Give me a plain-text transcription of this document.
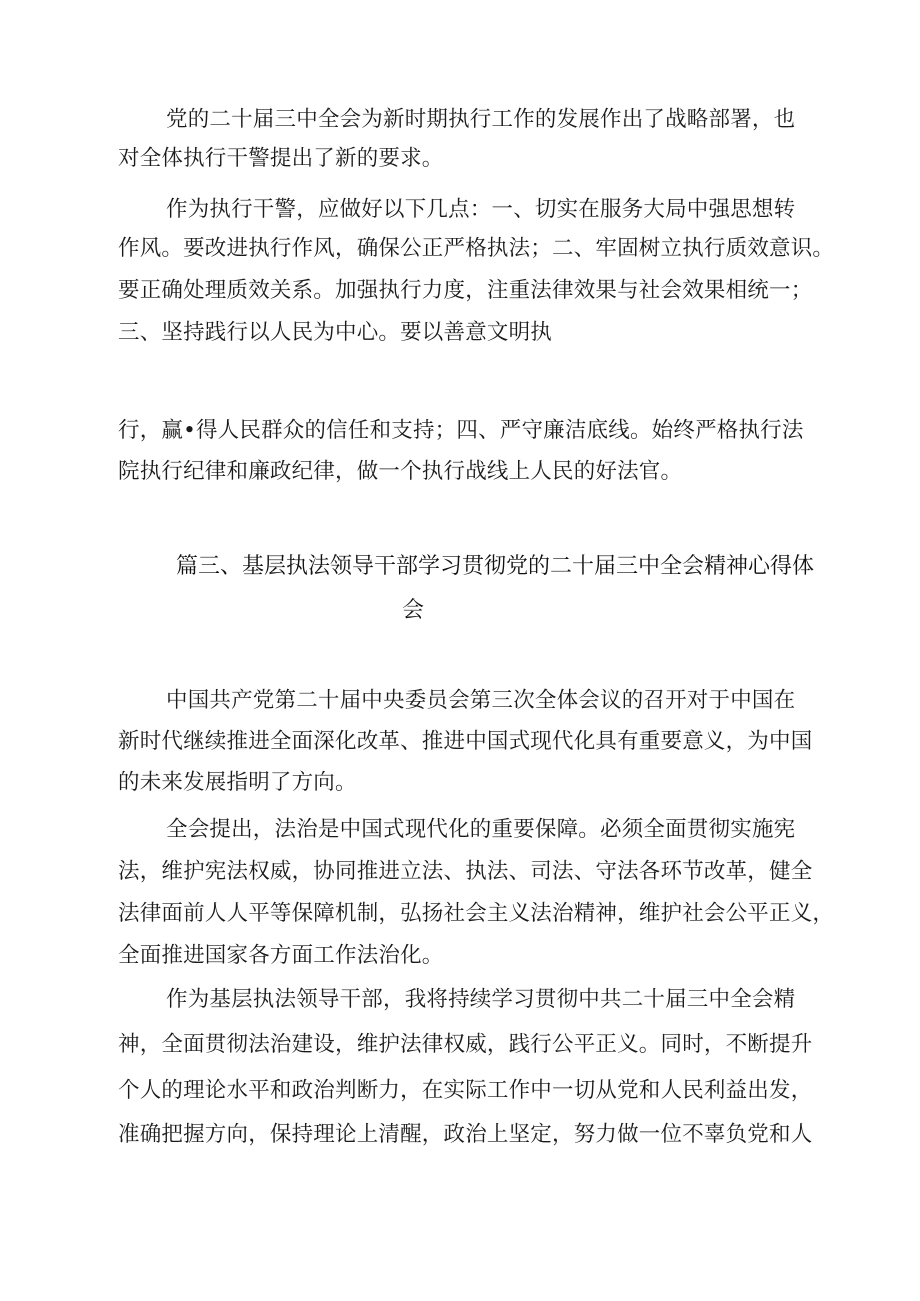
党的二十届三中全会为新时期执行工作的发展作出了战略部署，也
对全体执行干警提出了新的要求。
作为执行干警，应做好以下几点：一、切实在服务大局中强思想转
作风。要改进执行作风，确保公正严格执法；二、牢固树立执行质效意识。
要正确处理质效关系。加强执行力度，注重法律效果与社会效果相统一；
三、坚持践行以人民为中心。要以善意文明执
行，赢•得人民群众的信任和支持；四、严守廉洁底线。始终严格执行法
院执行纪律和廉政纪律，做一个执行战线上人民的好法官。
篇三、基层执法领导干部学习贯彻党的二十届三中全会精神心得体
会
中国共产党第二十届中央委员会第三次全体会议的召开对于中国在
新时代继续推进全面深化改革、推进中国式现代化具有重要意义，为中国
的未来发展指明了方向。
全会提出，法治是中国式现代化的重要保障。必须全面贯彻实施宪
法，维护宪法权威，协同推进立法、执法、司法、守法各环节改革，健全
法律面前人人平等保障机制，弘扬社会主义法治精神，维护社会公平正义，
全面推进国家各方面工作法治化。
作为基层执法领导干部，我将持续学习贯彻中共二十届三中全会精
神，全面贯彻法治建设，维护法律权威，践行公平正义。同时，不断提升
个人的理论水平和政治判断力，在实际工作中一切从党和人民利益出发，
准确把握方向，保持理论上清醒，政治上坚定，努力做一位不辜负党和人
